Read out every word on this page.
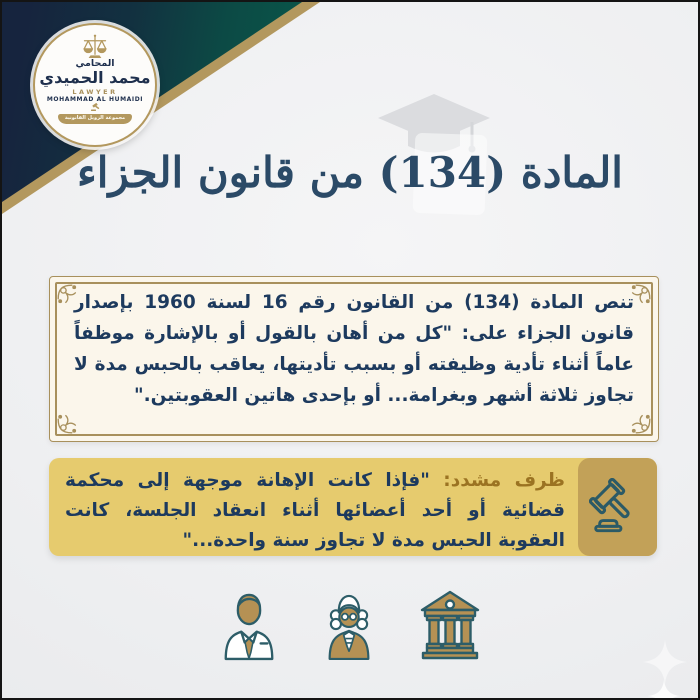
المحامي
محمد الحميدي
LAWYER
MOHAMMAD AL HUMAIDI
مجموعة الزويل القانونية
المادة (134) من قانون الجزاء
تنص المادة (134) من القانون رقم 16 لسنة 1960 بإصدار قانون الجزاء على: "كل من أهان بالقول أو بالإشارة موظفاً عاماً أثناء تأدية وظيفته أو بسبب تأديتها، يعاقب بالحبس مدة لا تجاوز ثلاثة أشهر وبغرامة... أو بإحدى هاتين العقوبتين."
ظرف مشدد: "فإذا كانت الإهانة موجهة إلى محكمة قضائية أو أحد أعضائها أثناء انعقاد الجلسة، كانت العقوبة الحبس مدة لا تجاوز سنة واحدة..."
